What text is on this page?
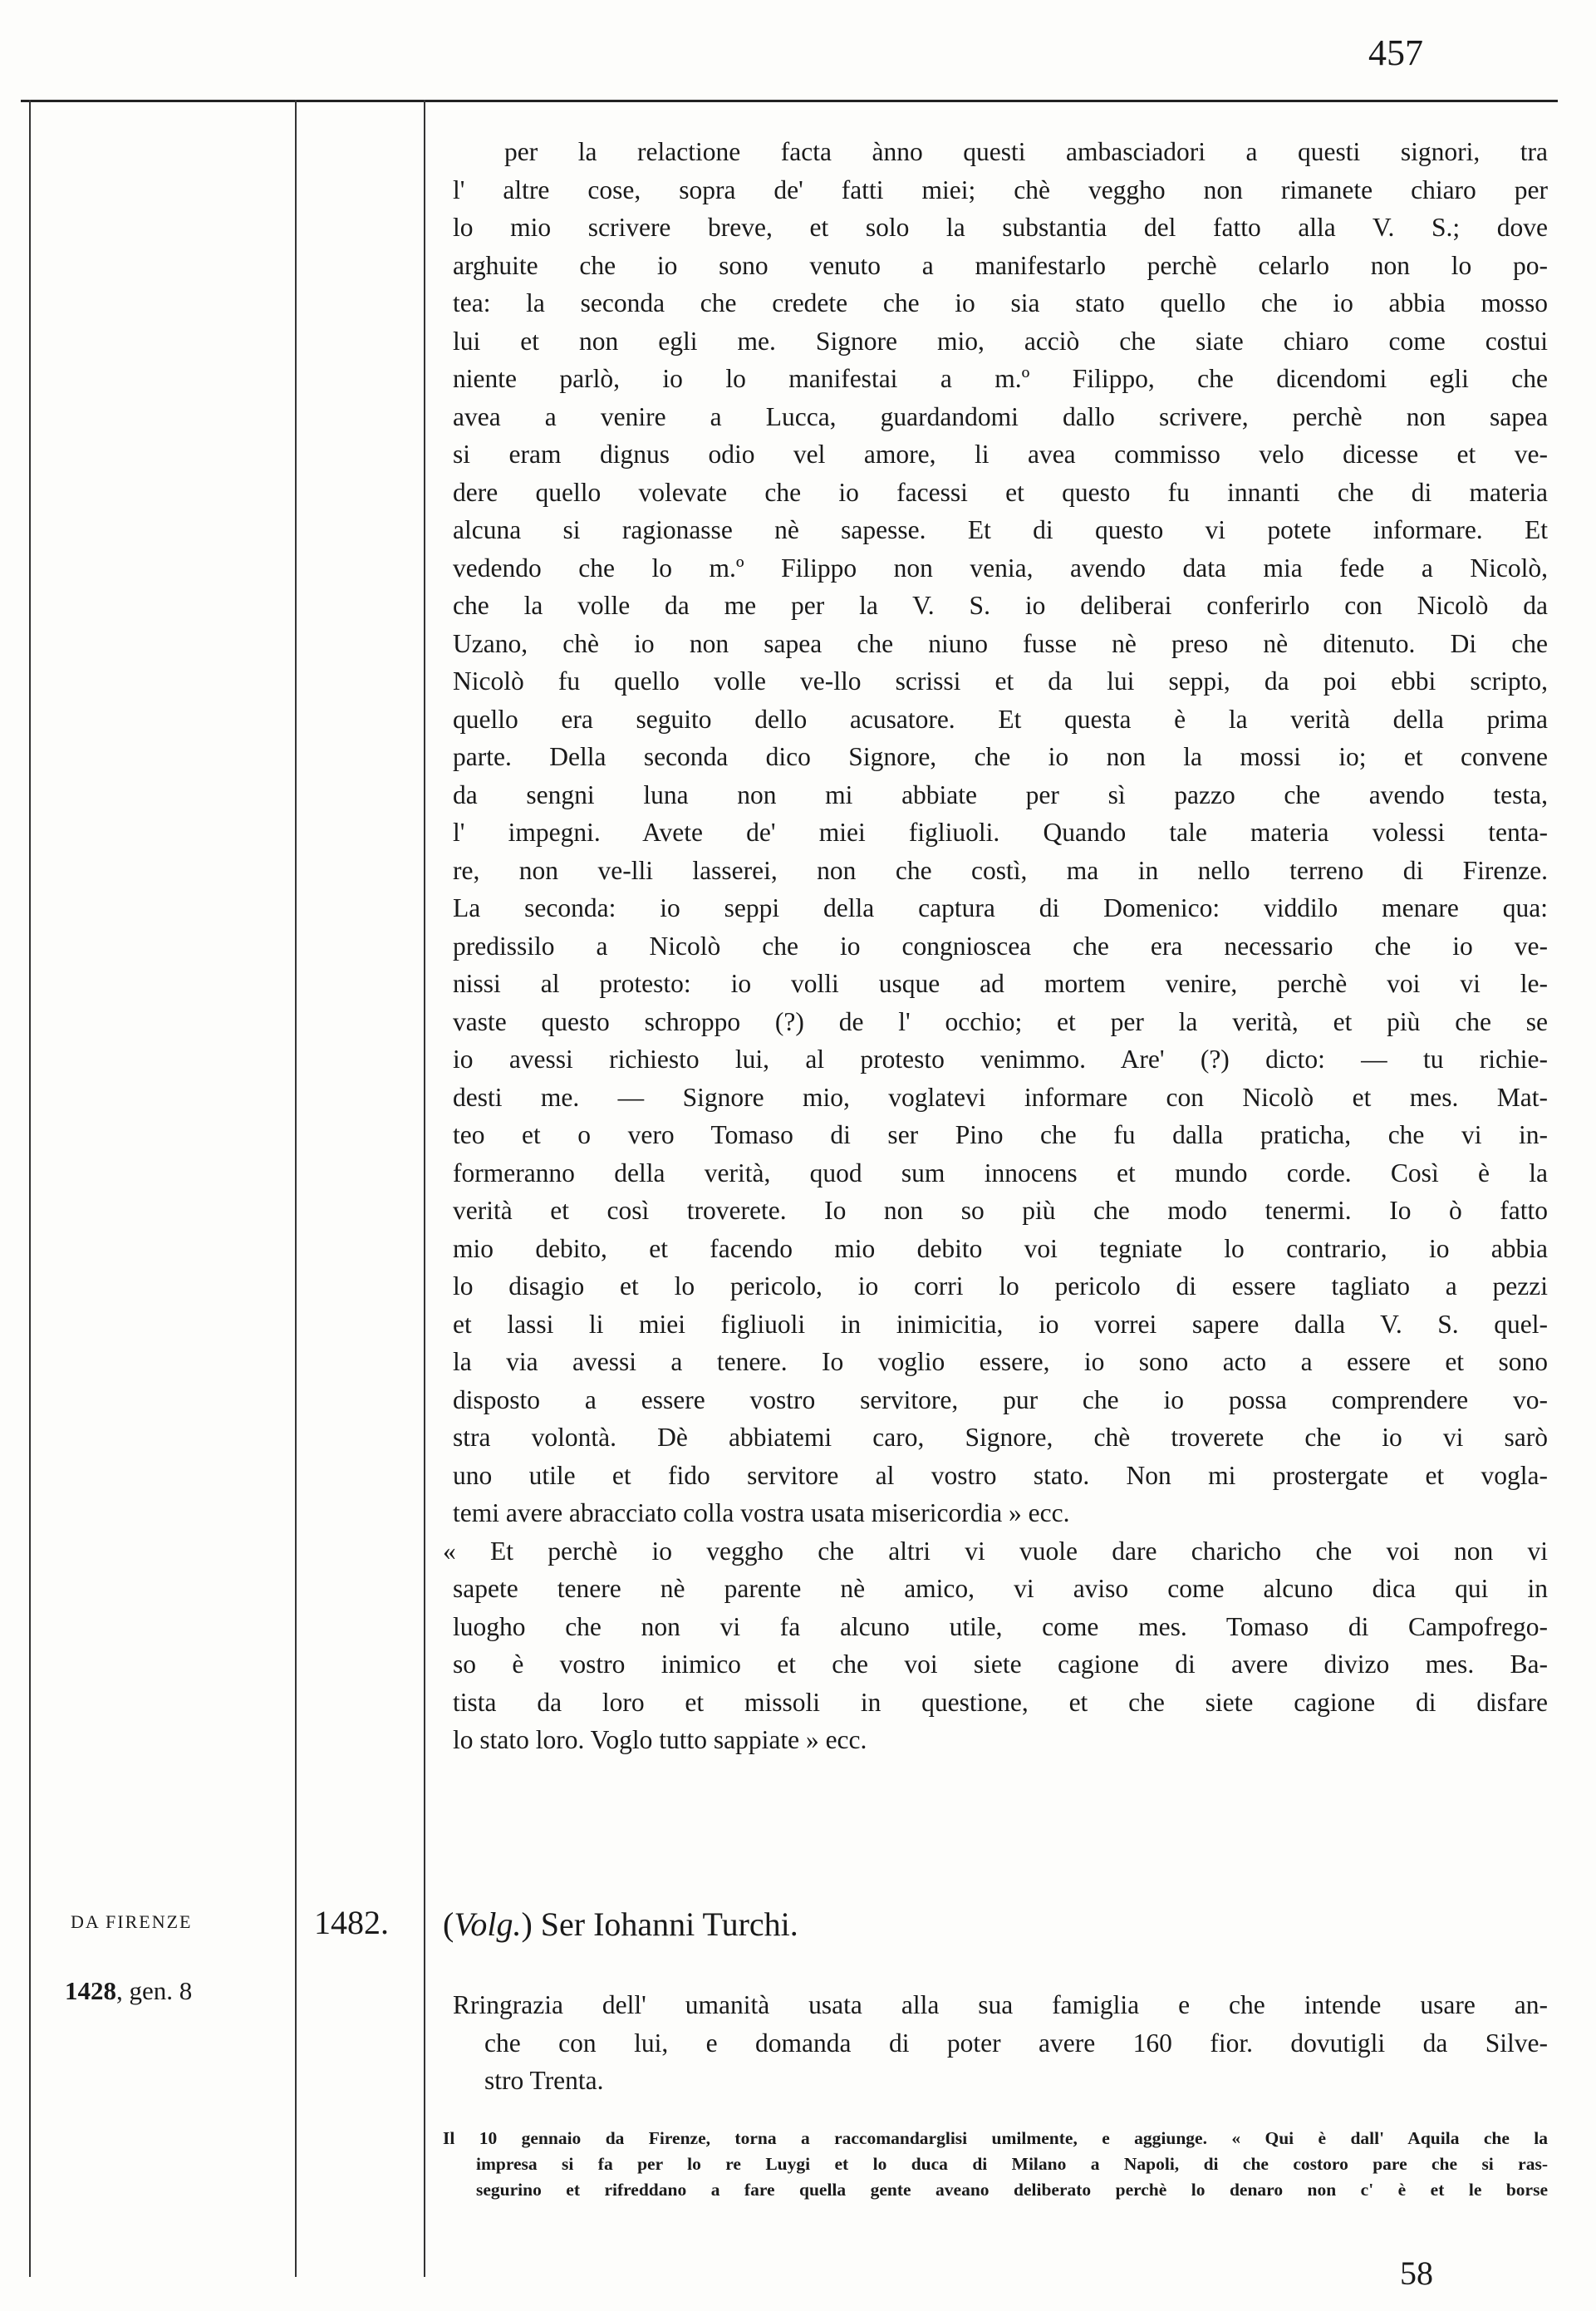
457
per la relactione facta ànno questi ambasciadori a questi signori, tra
l' altre cose, sopra de' fatti miei; chè veggho non rimanete chiaro per
lo mio scrivere breve, et solo la substantia del fatto alla V. S.; dove
arghuite che io sono venuto a manifestarlo perchè celarlo non lo po-
tea: la seconda che credete che io sia stato quello che io abbia mosso
lui et non egli me. Signore mio, acciò che siate chiaro come costui
niente parlò, io lo manifestai a m.º Filippo, che dicendomi egli che
avea a venire a Lucca, guardandomi dallo scrivere, perchè non sapea
si eram dignus odio vel amore, li avea commisso velo dicesse et ve-
dere quello volevate che io facessi et questo fu innanti che di materia
alcuna si ragionasse nè sapesse. Et di questo vi potete informare. Et
vedendo che lo m.º Filippo non venia, avendo data mia fede a Nicolò,
che la volle da me per la V. S. io deliberai conferirlo con Nicolò da
Uzano, chè io non sapea che niuno fusse nè preso nè ditenuto. Di che
Nicolò fu quello volle ve-llo scrissi et da lui seppi, da poi ebbi scripto,
quello era seguito dello acusatore. Et questa è la verità della prima
parte. Della seconda dico Signore, che io non la mossi io; et convene
da sengni luna non mi abbiate per sì pazzo che avendo testa,
l' impegni. Avete de' miei figliuoli. Quando tale materia volessi tenta-
re, non ve-lli lasserei, non che costì, ma in nello terreno di Firenze.
La seconda: io seppi della captura di Domenico: viddilo menare qua:
predissilo a Nicolò che io congnioscea che era necessario che io ve-
nissi al protesto: io volli usque ad mortem venire, perchè voi vi le-
vaste questo schroppo (?) de l' occhio; et per la verità, et più che se
io avessi richiesto lui, al protesto venimmo. Are' (?) dicto: — tu richie-
desti me. — Signore mio, voglatevi informare con Nicolò et mes. Mat-
teo et o vero Tomaso di ser Pino che fu dalla praticha, che vi in-
formeranno della verità, quod sum innocens et mundo corde. Così è la
verità et così troverete. Io non so più che modo tenermi. Io ò fatto
mio debito, et facendo mio debito voi tegniate lo contrario, io abbia
lo disagio et lo pericolo, io corri lo pericolo di essere tagliato a pezzi
et lassi li miei figliuoli in inimicitia, io vorrei sapere dalla V. S. quel-
la via avessi a tenere. Io voglio essere, io sono acto a essere et sono
disposto a essere vostro servitore, pur che io possa comprendere vo-
stra volontà. Dè abbiatemi caro, Signore, chè troverete che io vi sarò
uno utile et fido servitore al vostro stato. Non mi prostergate et vogla-
temi avere abracciato colla vostra usata misericordia » ecc.
« Et perchè io veggho che altri vi vuole dare charicho che voi non vi
sapete tenere nè parente nè amico, vi aviso come alcuno dica qui in
luogho che non vi fa alcuno utile, come mes. Tomaso di Campofrego-
so è vostro inimico et che voi siete cagione di avere divizo mes. Ba-
tista da loro et missoli in questione, et che siete cagione di disfare
lo stato loro. Voglo tutto sappiate » ecc.
DA FIRENZE
1428, gen. 8
1482. (Volg.) Ser Iohanni Turchi.
Rringrazia dell' umanità usata alla sua famiglia e che intende usare an-
che con lui, e domanda di poter avere 160 fior. dovutigli da Silve-
stro Trenta.
Il 10 gennaio da Firenze, torna a raccomandarglisi umilmente, e aggiunge. « Qui è dall' Aquila che la
impresa si fa per lo re Luygi et lo duca di Milano a Napoli, di che costoro pare che si ras-
segurino et rifreddano a fare quella gente aveano deliberato perchè lo denaro non c' è et le borse
58
